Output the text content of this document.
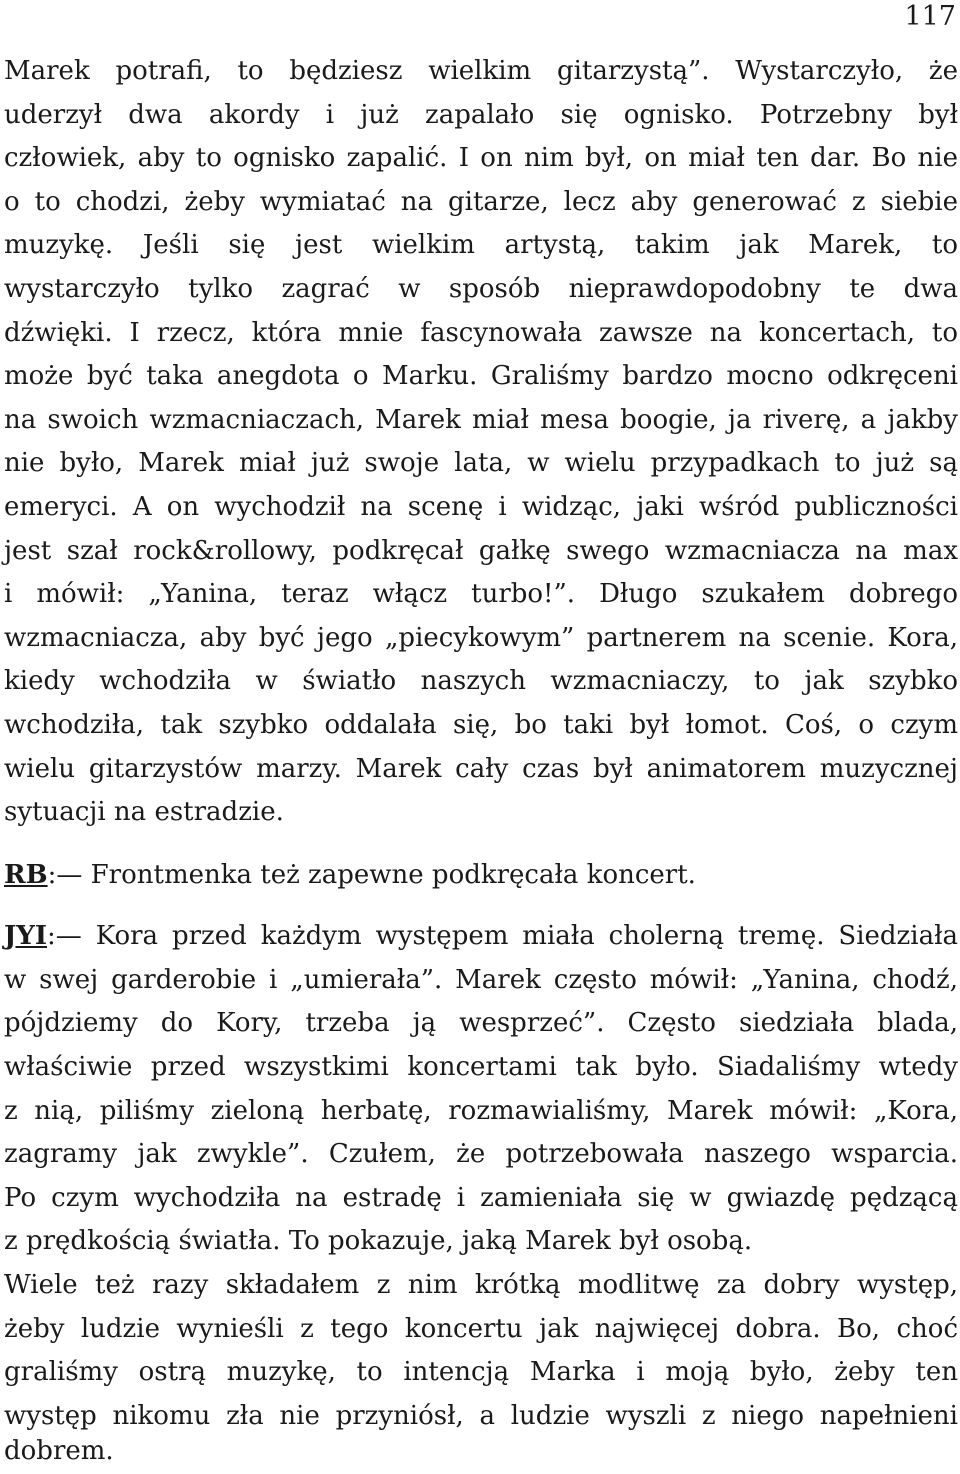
117
Marek potrafi, to będziesz wielkim gitarzystą”. Wystarczyło, że
uderzył dwa akordy i już zapalało się ognisko. Potrzebny był
człowiek, aby to ognisko zapalić. I on nim był, on miał ten dar. Bo nie
o to chodzi, żeby wymiatać na gitarze, lecz aby generować z siebie
muzykę. Jeśli się jest wielkim artystą, takim jak Marek, to
wystarczyło tylko zagrać w sposób nieprawdopodobny te dwa
dźwięki. I rzecz, która mnie fascynowała zawsze na koncertach, to
może być taka anegdota o Marku. Graliśmy bardzo mocno odkręceni
na swoich wzmacniaczach, Marek miał mesa boogie, ja riverę, a jakby
nie było, Marek miał już swoje lata, w wielu przypadkach to już są
emeryci. A on wychodził na scenę i widząc, jaki wśród publiczności
jest szał rock&rollowy, podkręcał gałkę swego wzmacniacza na max
i mówił: „Yanina, teraz włącz turbo!”. Długo szukałem dobrego
wzmacniacza, aby być jego „piecykowym” partnerem na scenie. Kora,
kiedy wchodziła w światło naszych wzmacniaczy, to jak szybko
wchodziła, tak szybko oddalała się, bo taki był łomot. Coś, o czym
wielu gitarzystów marzy. Marek cały czas był animatorem muzycznej
sytuacji na estradzie.
RB:— Frontmenka też zapewne podkręcała koncert.
JYI:— Kora przed każdym występem miała cholerną tremę. Siedziała
w swej garderobie i „umierała”. Marek często mówił: „Yanina, chodź,
pójdziemy do Kory, trzeba ją wesprzeć”. Często siedziała blada,
właściwie przed wszystkimi koncertami tak było. Siadaliśmy wtedy
z nią, piliśmy zieloną herbatę, rozmawialiśmy, Marek mówił: „Kora,
zagramy jak zwykle”. Czułem, że potrzebowała naszego wsparcia.
Po czym wychodziła na estradę i zamieniała się w gwiazdę pędzącą
z prędkością światła. To pokazuje, jaką Marek był osobą.
Wiele też razy składałem z nim krótką modlitwę za dobry występ,
żeby ludzie wynieśli z tego koncertu jak najwięcej dobra. Bo, choć
graliśmy ostrą muzykę, to intencją Marka i moją było, żeby ten
występ nikomu zła nie przyniósł, a ludzie wyszli z niego napełnieni
dobrem.
